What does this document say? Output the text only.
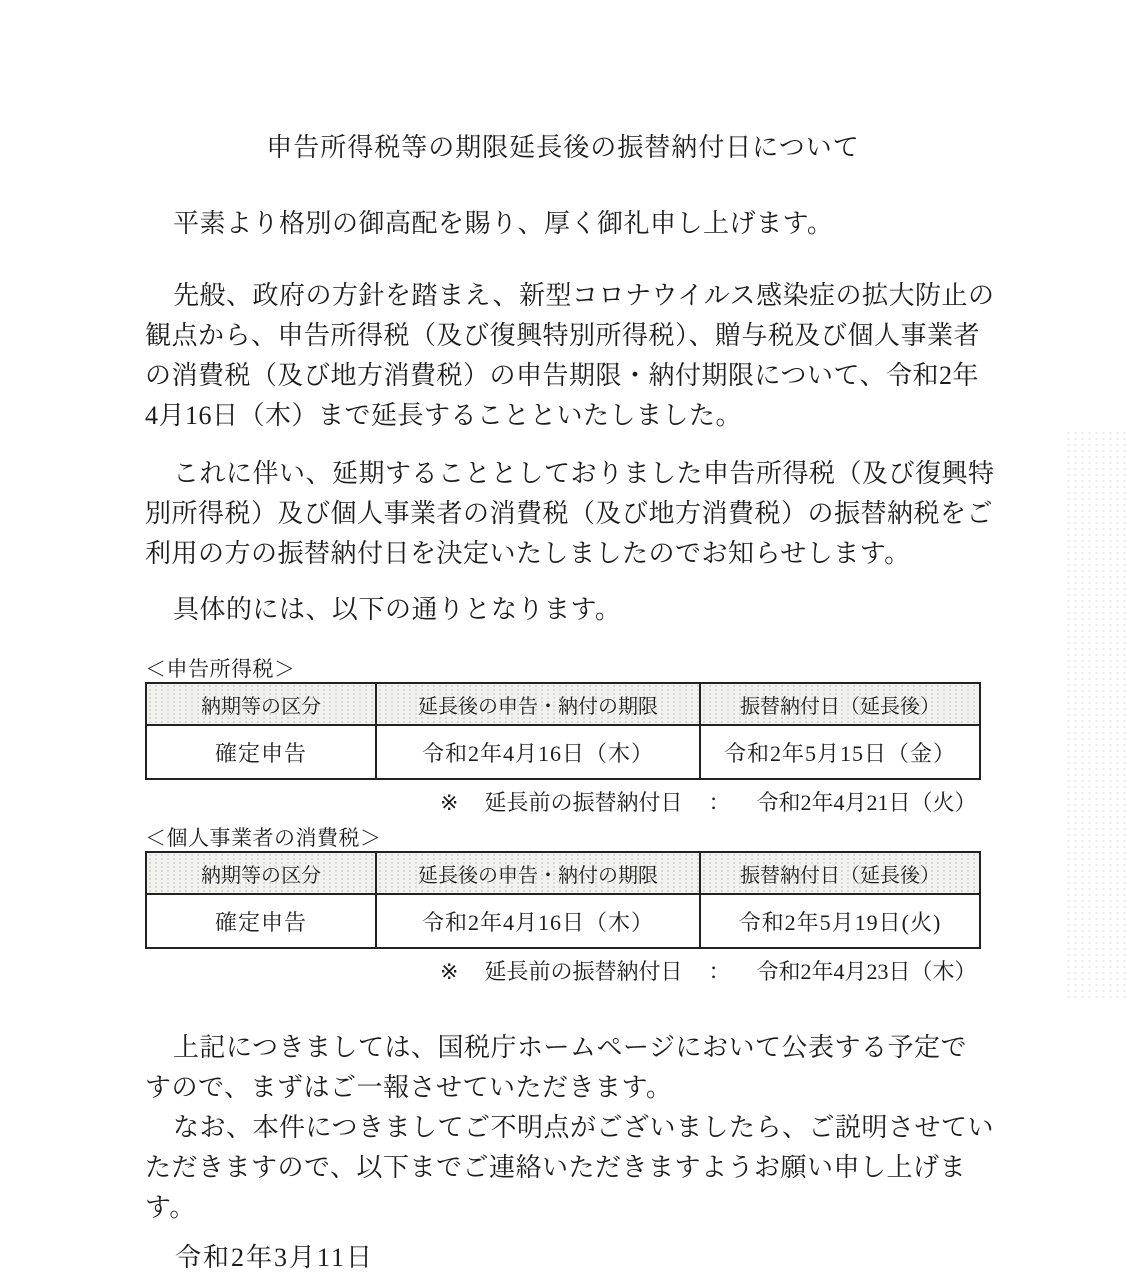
申告所得税等の期限延長後の振替納付日について
平素より格別の御高配を賜り、厚く御礼申し上げます。
先般、政府の方針を踏まえ、新型コロナウイルス感染症の拡大防止の
観点から、申告所得税（及び復興特別所得税）、贈与税及び個人事業者
の消費税（及び地方消費税）の申告期限・納付期限について、令和2年
4月16日（木）まで延長することといたしました。
これに伴い、延期することとしておりました申告所得税（及び復興特
別所得税）及び個人事業者の消費税（及び地方消費税）の振替納税をご
利用の方の振替納付日を決定いたしましたのでお知らせします。
具体的には、以下の通りとなります。
＜申告所得税＞
納期等の区分	延長後の申告・納付の期限	振替納付日（延長後）
確定申告	令和2年4月16日（木）	令和2年5月15日（金）
※ 延長前の振替納付日 ： 令和2年4月21日（火）
＜個人事業者の消費税＞
納期等の区分	延長後の申告・納付の期限	振替納付日（延長後）
確定申告	令和2年4月16日（木）	令和2年5月19日(火)
※ 延長前の振替納付日 ： 令和2年4月23日（木）
上記につきましては、国税庁ホームページにおいて公表する予定で
すので、まずはご一報させていただきます。
なお、本件につきましてご不明点がございましたら、ご説明させてい
ただきますので、以下までご連絡いただきますようお願い申し上げま
す。
令和2年3月11日
